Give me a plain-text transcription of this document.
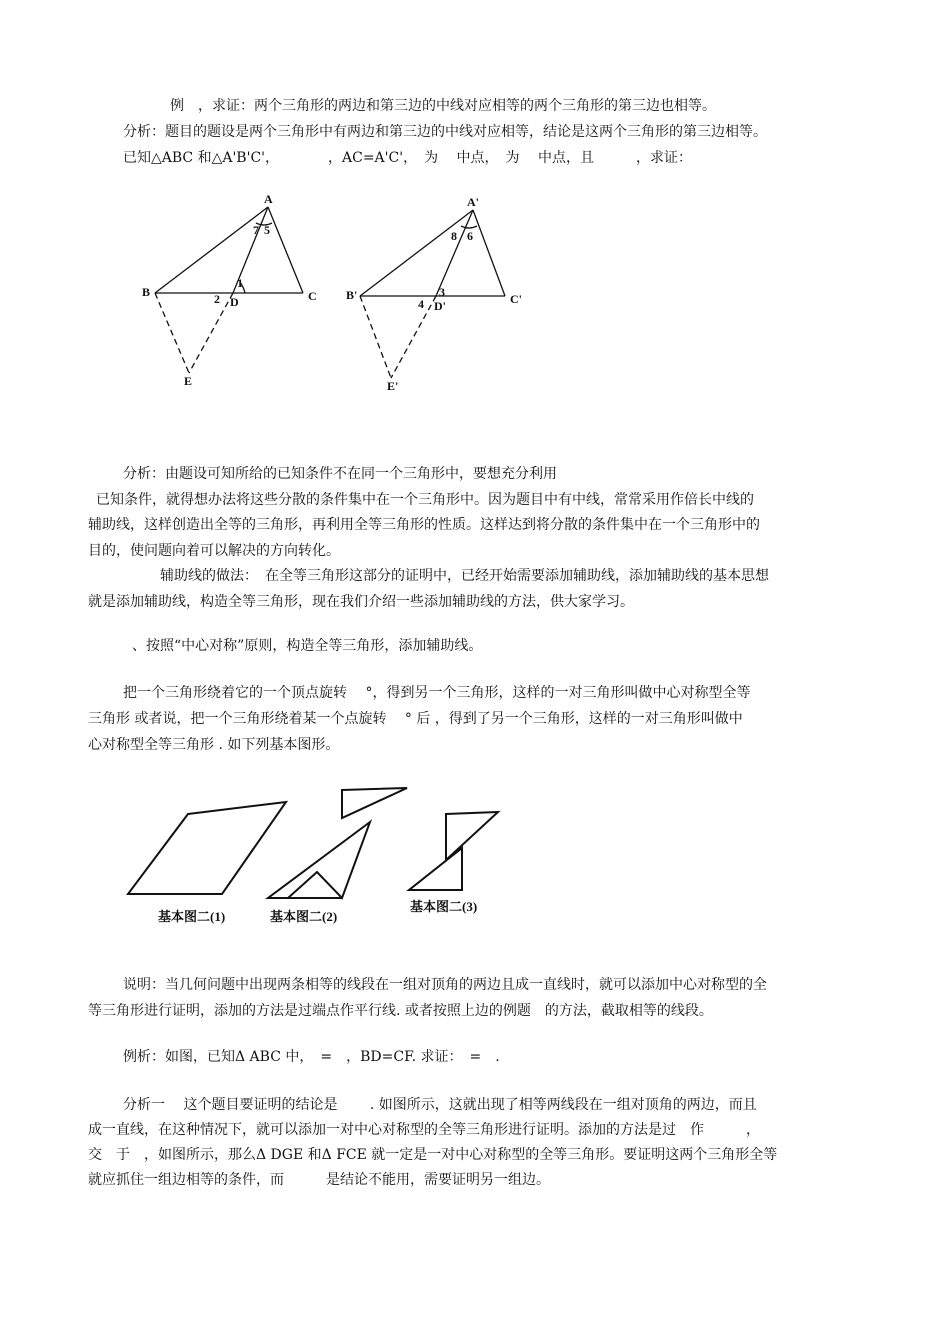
例　，求证：两个三角形的两边和第三边的中线对应相等的两个三角形的第三边也相等。
分析：题目的题设是两个三角形中有两边和第三边的中线对应相等，结论是这两个三角形的第三边相等。
已知△ABC 和△A'B'C'，　　　　，AC=A'C'，　为　 中点，　为　 中点，且　　　，求证：
A
B	C
D
E
7 5
1
2
A'
B'	C'
D'
E'
8 6
3
4
分析：由题设可知所给的已知条件不在同一个三角形中，要想充分利用
已知条件，就得想办法将这些分散的条件集中在一个三角形中。因为题目中有中线，常常采用作倍长中线的
辅助线，这样创造出全等的三角形，再利用全等三角形的性质。这样达到将分散的条件集中在一个三角形中的
目的，使问题向着可以解决的方向转化。
辅助线的做法：　在全等三角形这部分的证明中，已经开始需要添加辅助线，添加辅助线的基本思想
就是添加辅助线，构造全等三角形，现在我们介绍一些添加辅助线的方法，供大家学习。
、按照“中心对称”原则，构造全等三角形，添加辅助线。
把一个三角形绕着它的一个顶点旋转　 °，得到另一个三角形，这样的一对三角形叫做中心对称型全等
三角形 或者说，把一个三角形绕着某一个点旋转　 ° 后 ，得到了另一个三角形，这样的一对三角形叫做中
心对称型全等三角形 . 如下列基本图形。
基本图二(1)	基本图二(2)
基本图二(3)
说明：当几何问题中出现两条相等的线段在一组对顶角的两边且成一直线时，就可以添加中心对称型的全
等三角形进行证明，添加的方法是过端点作平行线. 或者按照上边的例题　的方法，截取相等的线段。
例析：如图，已知Δ ABC 中，　=　，BD=CF. 求证：　=　.
分析一　 这个题目要证明的结论是　　 . 如图所示，这就出现了相等两线段在一组对顶角的两边，而且
成一直线，在这种情况下，就可以添加一对中心对称型的全等三角形进行证明。添加的方法是过　作　　　，
交　于　，如图所示，那么Δ DGE 和Δ FCE 就一定是一对中心对称型的全等三角形。要证明这两个三角形全等
就应抓住一组边相等的条件，而　　　是结论不能用，需要证明另一组边。
